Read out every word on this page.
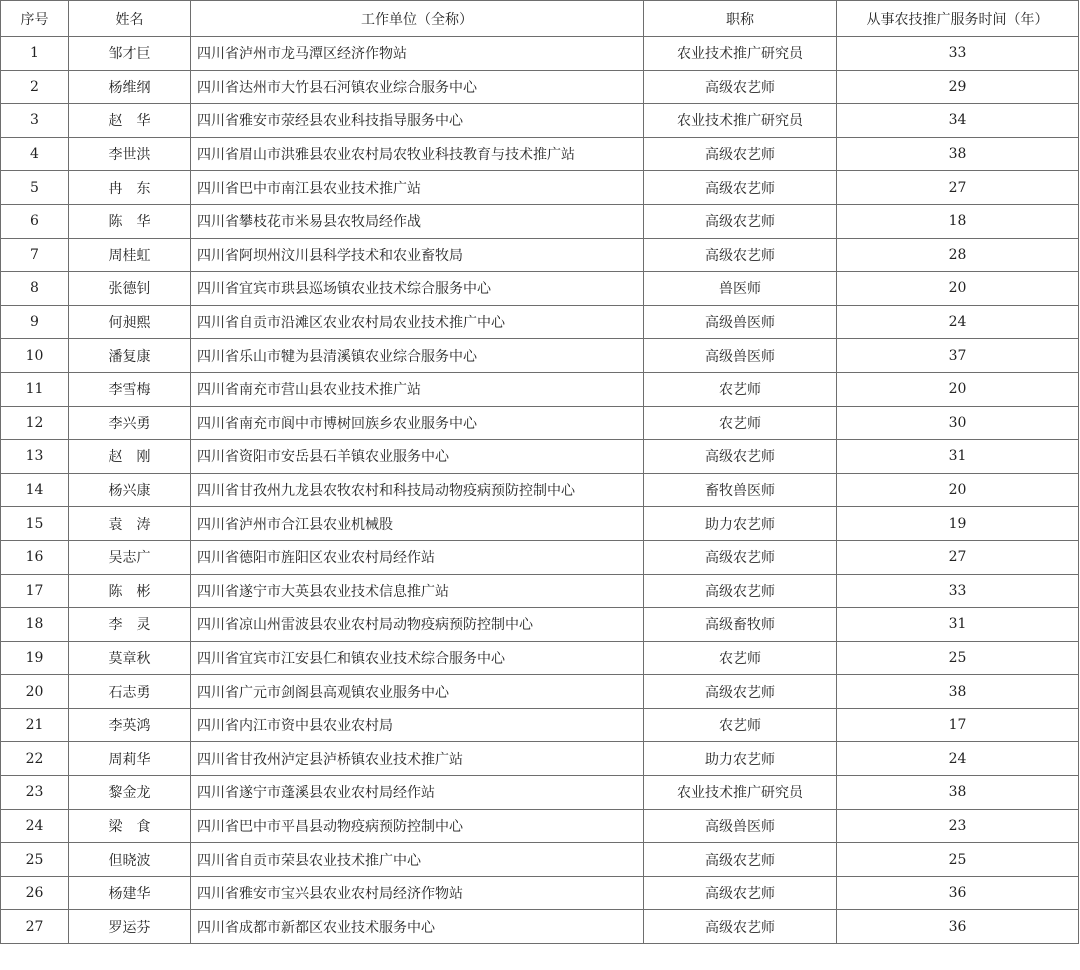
序号	姓名	工作单位（全称）	职称	从事农技推广服务时间（年）
1	邹才巨	四川省泸州市龙马潭区经济作物站	农业技术推广研究员	33
2	杨维纲	四川省达州市大竹县石河镇农业综合服务中心	高级农艺师	29
3	赵　华	四川省雅安市荥经县农业科技指导服务中心	农业技术推广研究员	34
4	李世洪	四川省眉山市洪雅县农业农村局农牧业科技教育与技术推广站	高级农艺师	38
5	冉　东	四川省巴中市南江县农业技术推广站	高级农艺师	27
6	陈　华	四川省攀枝花市米易县农牧局经作战	高级农艺师	18
7	周桂虹	四川省阿坝州汶川县科学技术和农业畜牧局	高级农艺师	28
8	张德钊	四川省宜宾市珙县巡场镇农业技术综合服务中心	兽医师	20
9	何昶熙	四川省自贡市沿滩区农业农村局农业技术推广中心	高级兽医师	24
10	潘复康	四川省乐山市犍为县清溪镇农业综合服务中心	高级兽医师	37
11	李雪梅	四川省南充市营山县农业技术推广站	农艺师	20
12	李兴勇	四川省南充市阆中市博树回族乡农业服务中心	农艺师	30
13	赵　刚	四川省资阳市安岳县石羊镇农业服务中心	高级农艺师	31
14	杨兴康	四川省甘孜州九龙县农牧农村和科技局动物疫病预防控制中心	畜牧兽医师	20
15	袁　涛	四川省泸州市合江县农业机械股	助力农艺师	19
16	吴志广	四川省德阳市旌阳区农业农村局经作站	高级农艺师	27
17	陈　彬	四川省遂宁市大英县农业技术信息推广站	高级农艺师	33
18	李　灵	四川省凉山州雷波县农业农村局动物疫病预防控制中心	高级畜牧师	31
19	莫章秋	四川省宜宾市江安县仁和镇农业技术综合服务中心	农艺师	25
20	石志勇	四川省广元市剑阁县高观镇农业服务中心	高级农艺师	38
21	李英鸿	四川省内江市资中县农业农村局	农艺师	17
22	周莉华	四川省甘孜州泸定县泸桥镇农业技术推广站	助力农艺师	24
23	黎金龙	四川省遂宁市蓬溪县农业农村局经作站	农业技术推广研究员	38
24	梁　食	四川省巴中市平昌县动物疫病预防控制中心	高级兽医师	23
25	但晓波	四川省自贡市荣县农业技术推广中心	高级农艺师	25
26	杨建华	四川省雅安市宝兴县农业农村局经济作物站	高级农艺师	36
27	罗运芬	四川省成都市新都区农业技术服务中心	高级农艺师	36
